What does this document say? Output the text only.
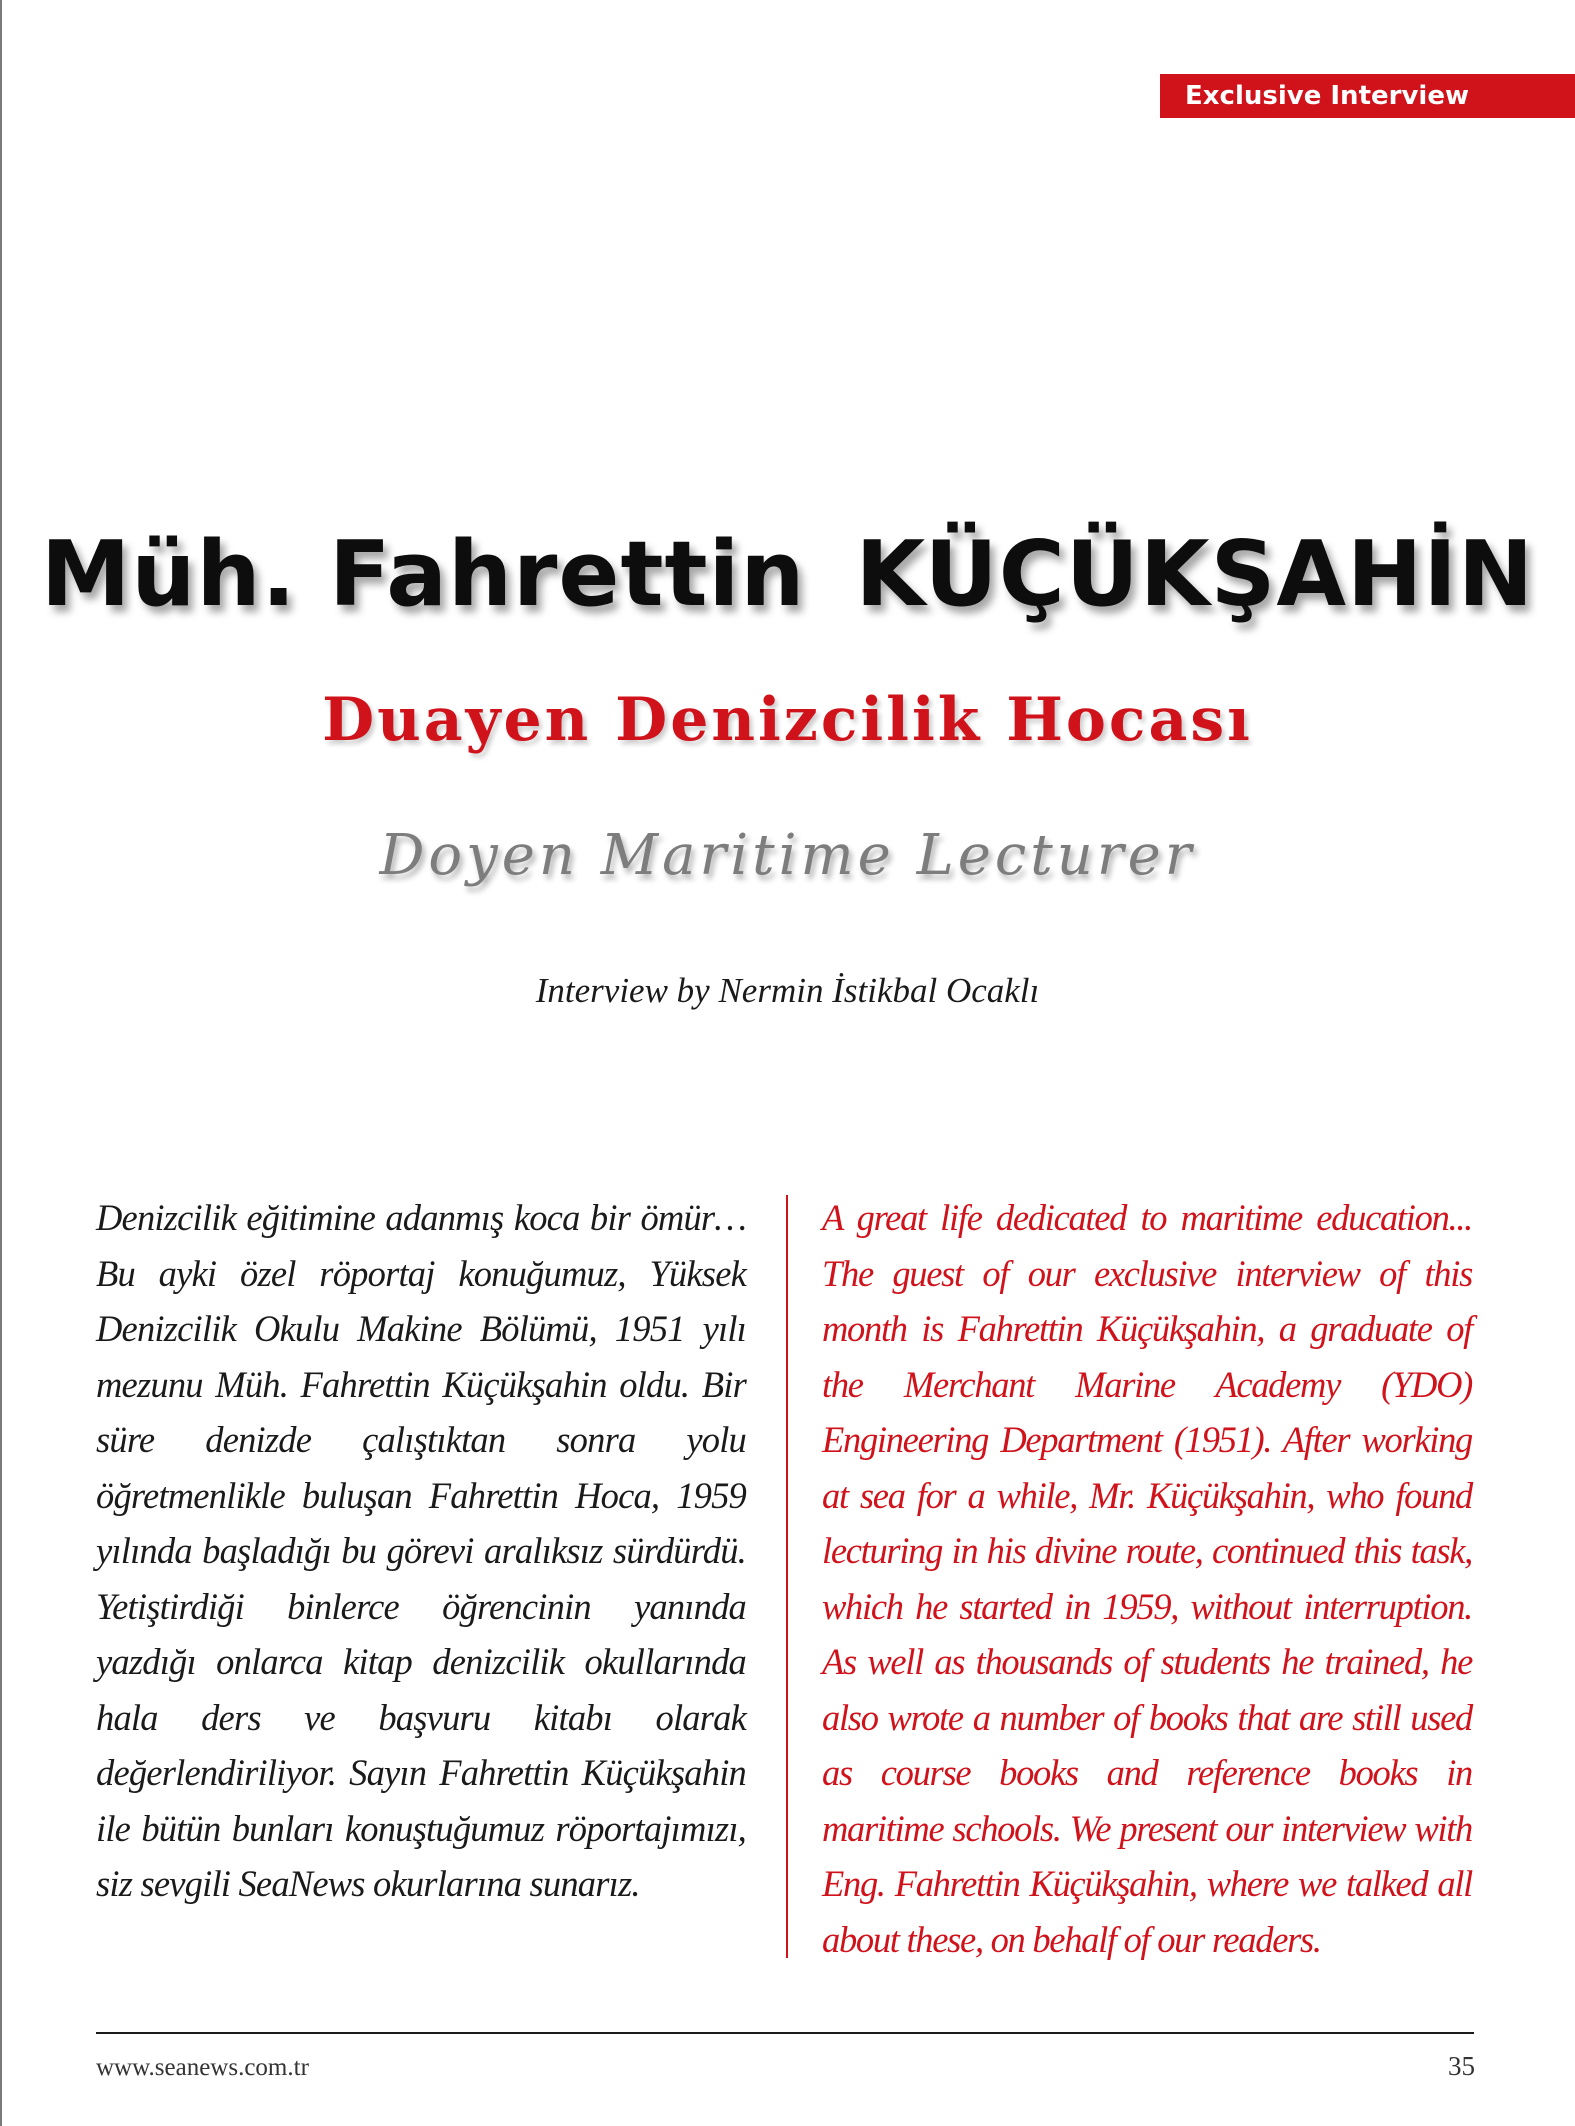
Exclusive Interview
Müh. Fahrettin KÜÇÜKŞAHİN
Duayen Denizcilik Hocası
Doyen Maritime Lecturer
Interview by Nermin İstikbal Ocaklı
Denizcilik eğitimine adanmış koca bir ömür… Bu ayki özel röportaj konuğumuz, Yüksek Denizcilik Okulu Makine Bölümü, 1951 yılı mezunu Müh. Fahrettin Küçükşahin oldu. Bir süre denizde çalıştıktan sonra yolu öğretmenlikle buluşan Fahrettin Hoca, 1959 yılında başladığı bu görevi aralıksız sürdürdü. Yetiştirdiği binlerce öğrencinin yanında yazdığı onlarca kitap denizcilik okullarında hala ders ve başvuru kitabı olarak değerlendiriliyor. Sayın Fahrettin Küçükşahin ile bütün bunları konuştuğumuz röportajımızı, siz sevgili SeaNews okurlarına sunarız.
A great life dedicated to maritime education... The guest of our exclusive interview of this month is Fahrettin Küçükşahin, a graduate of the Merchant Marine Academy (YDO) Engineering Department (1951). After working at sea for a while, Mr. Küçükşahin, who found lecturing in his divine route, continued this task, which he started in 1959, without interruption. As well as thousands of students he trained, he also wrote a number of books that are still used as course books and reference books in maritime schools. We present our interview with Eng. Fahrettin Küçükşahin, where we talked all about these, on behalf of our readers.
www.seanews.com.tr	35
